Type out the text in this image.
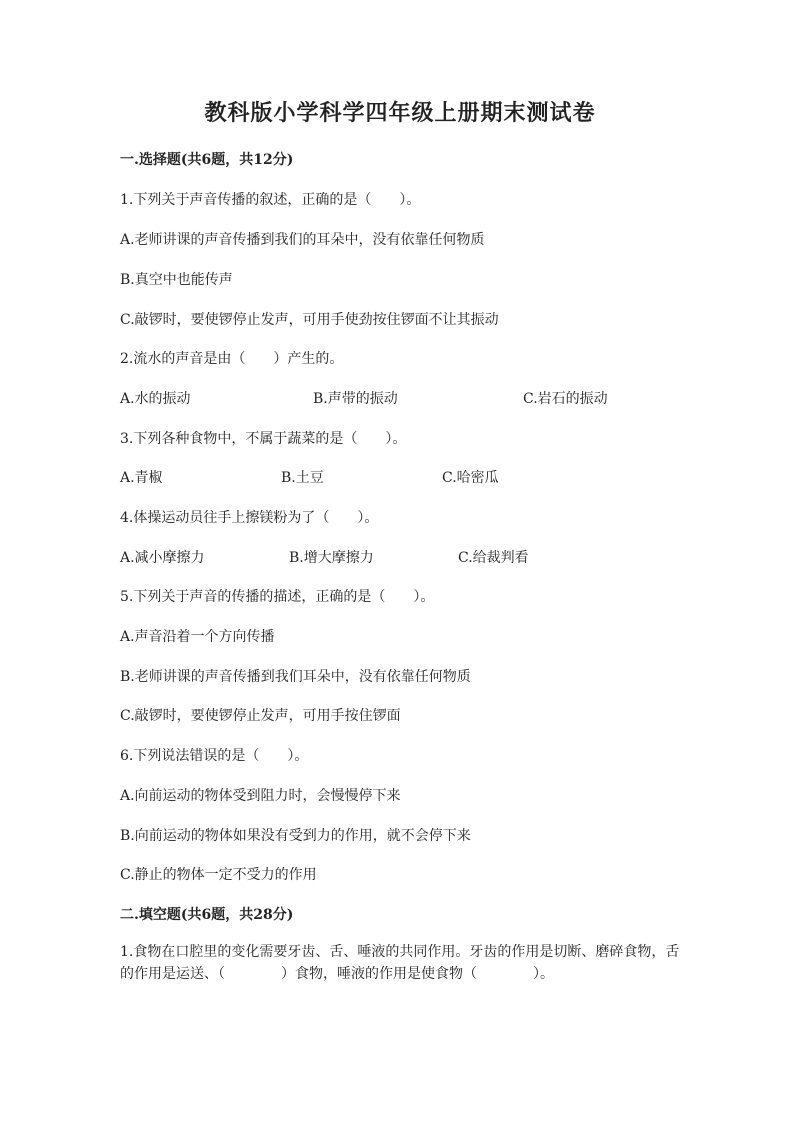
教科版小学科学四年级上册期末测试卷
一.选择题(共6题，共12分)
1.下列关于声音传播的叙述，正确的是（　　）。
A.老师讲课的声音传播到我们的耳朵中，没有依靠任何物质
B.真空中也能传声
C.敲锣时，要使锣停止发声，可用手使劲按住锣面不让其振动
2.流水的声音是由（　　）产生的。
A.水的振动	B.声带的振动	C.岩石的振动
3.下列各种食物中，不属于蔬菜的是（　　）。
A.青椒	B.土豆	C.哈密瓜
4.体操运动员往手上擦镁粉为了（　　）。
A.减小摩擦力	B.增大摩擦力	C.给裁判看
5.下列关于声音的传播的描述，正确的是（　　）。
A.声音沿着一个方向传播
B.老师讲课的声音传播到我们耳朵中，没有依靠任何物质
C.敲锣时，要使锣停止发声，可用手按住锣面
6.下列说法错误的是（　　）。
A.向前运动的物体受到阻力时，会慢慢停下来
B.向前运动的物体如果没有受到力的作用，就不会停下来
C.静止的物体一定不受力的作用
二.填空题(共6题，共28分)
1.食物在口腔里的变化需要牙齿、舌、唾液的共同作用。牙齿的作用是切断、磨碎食物，舌的作用是运送、（　　　　）食物，唾液的作用是使食物（　　　　）。
